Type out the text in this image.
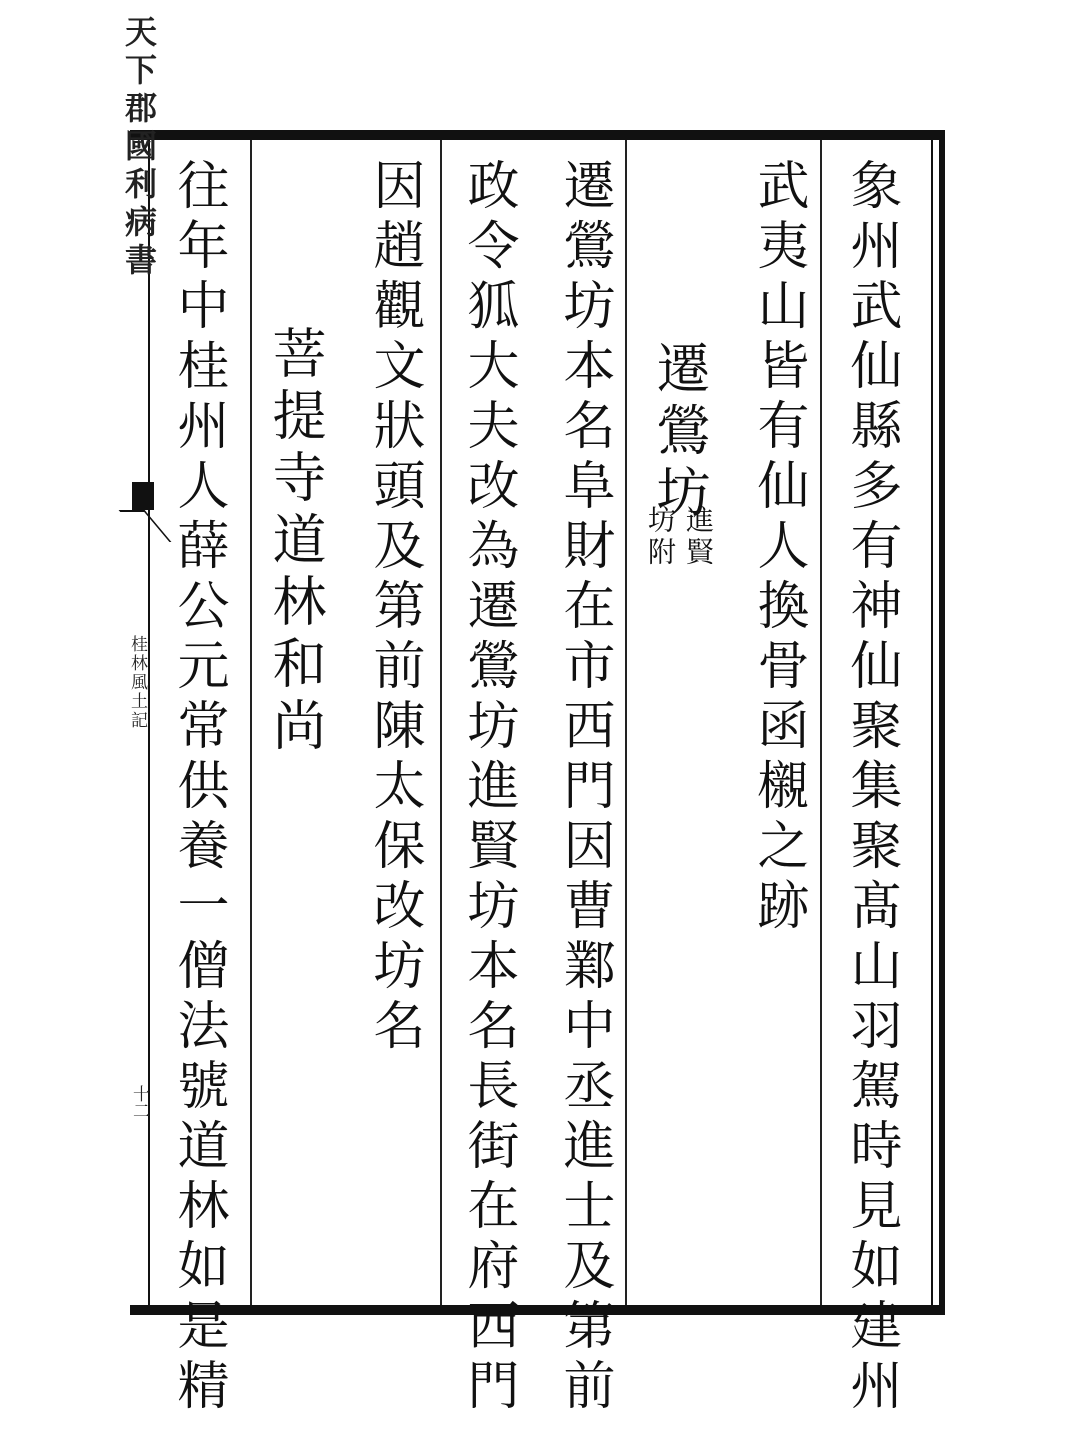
天下郡國利病書
桂林風土記
十二	象州武仙縣多有神仙聚集聚髙山羽駕時見如建州
武夷山皆有仙人換骨函櫬之跡
遷鶯坊
進賢
坊附
遷鶯坊本名阜財在市西門因曹鄴中丞進士及第前
政令狐大夫改為遷鶯坊進賢坊本名長街在府西門
因趙觀文狀頭及第前陳太保改坊名
菩提寺道林和尚
往年中桂州人薛公元常供養一僧法號道林如是精
